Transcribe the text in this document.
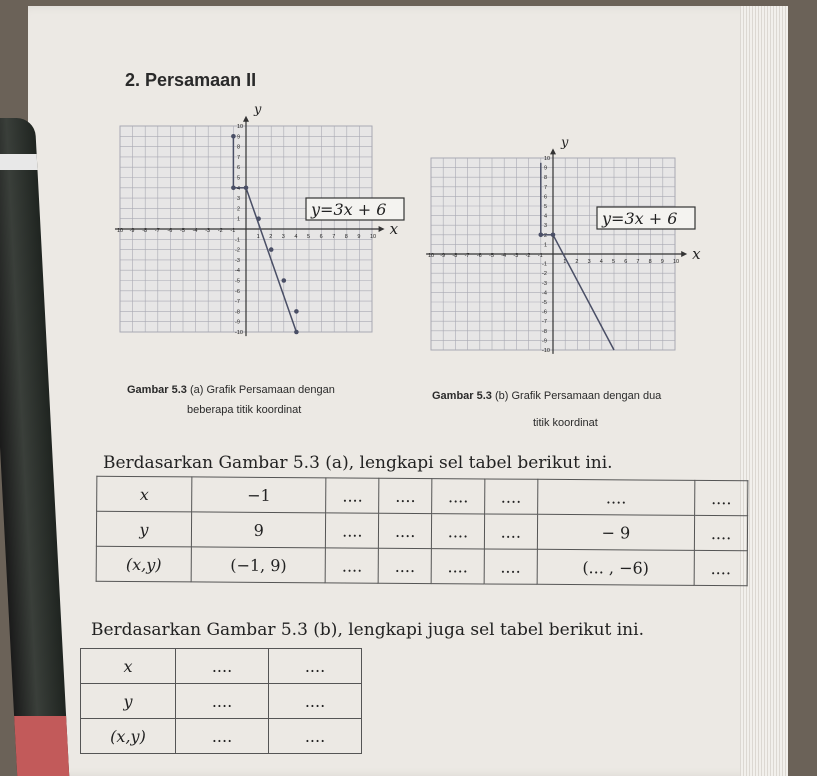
2. Persamaan II
x
y
10 -9 -8 -7 -6 -5 -4 -3 -2 -1
1 2 3 4 5 6 7 8 9 10
10
9
8
7
6
5
4
3
2
1
-1
-2
-3
-4
-5
-6
-7
-8
-9
-10
y=3x + 6
x
y
10 -9 -8 -7 -6 -5 -4 -3 -2 -1
1 2 3 4 5 6 7 8 9 10
10
9
8
7
6
5
4
3
2
1
-1
-2
-3
-4
-5
-6
-7
-8
-9
-10
y=3x + 6
Gambar 5.3 (a) Grafik Persamaan dengan
beberapa titik koordinat
Gambar 5.3 (b) Grafik Persamaan dengan dua
titik koordinat
Berdasarkan Gambar 5.3 (a), lengkapi sel tabel berikut ini.
x	−1	....	....	....	....	....	....
y	9	....	....	....	....	− 9	....
(x,y)	(−1, 9)	....	....	....	....	(... , −6)	....
Berdasarkan Gambar 5.3 (b), lengkapi juga sel tabel berikut ini.
x	....	....
y	....	....
(x,y)	....	....
